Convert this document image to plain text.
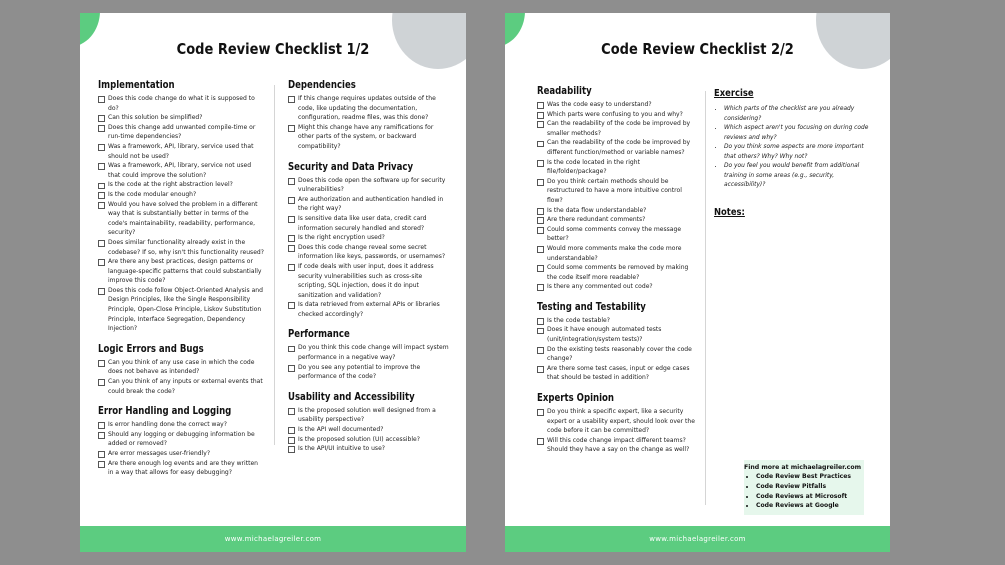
Code Review Checklist 1/2
Implementation
Does this code change do what it is supposed to do?
Can this solution be simplified?
Does this change add unwanted compile-time or run-time dependencies?
Was a framework, API, library, service used that should not be used?
Was a framework, API, library, service not used that could improve the solution?
Is the code at the right abstraction level?
Is the code modular enough?
Would you have solved the problem in a different way that is substantially better in terms of the code's maintainability, readability, performance, security?
Does similar functionality already exist in the codebase? If so, why isn't this functionality reused?
Are there any best practices, design patterns or language-specific patterns that could substantially improve this code?
Does this code follow Object-Oriented Analysis and Design Principles, like the Single Responsibility Principle, Open-Close Principle, Liskov Substitution Principle, Interface Segregation, Dependency Injection?
Logic Errors and Bugs
Can you think of any use case in which the code does not behave as intended?
Can you think of any inputs or external events that could break the code?
Error Handling and Logging
Is error handling done the correct way?
Should any logging or debugging information be added or removed?
Are error messages user-friendly?
Are there enough log events and are they written in a way that allows for easy debugging?
Dependencies
If this change requires updates outside of the code, like updating the documentation, configuration, readme files, was this done?
Might this change have any ramifications for other parts of the system, or backward compatibility?
Security and Data Privacy
Does this code open the software up for security vulnerabilities?
Are authorization and authentication handled in the right way?
Is sensitive data like user data, credit card information securely handled and stored?
Is the right encryption used?
Does this code change reveal some secret information like keys, passwords, or usernames?
If code deals with user input, does it address security vulnerabilities such as cross-site scripting, SQL injection, does it do input sanitization and validation?
Is data retrieved from external APIs or libraries checked accordingly?
Performance
Do you think this code change will impact system performance in a negative way?
Do you see any potential to improve the performance of the code?
Usability and Accessibility
Is the proposed solution well designed from a usability perspective?
Is the API well documented?
Is the proposed solution (UI) accessible?
Is the API/UI intuitive to use?
www.michaelagreiler.com
Code Review Checklist 2/2
Readability
Was the code easy to understand?
Which parts were confusing to you and why?
Can the readability of the code be improved by smaller methods?
Can the readability of the code be improved by different function/method or variable names?
Is the code located in the right file/folder/package?
Do you think certain methods should be restructured to have a more intuitive control flow?
Is the data flow understandable?
Are there redundant comments?
Could some comments convey the message better?
Would more comments make the code more understandable?
Could some comments be removed by making the code itself more readable?
Is there any commented out code?
Testing and Testability
Is the code testable?
Does it have enough automated tests (unit/integration/system tests)?
Do the existing tests reasonably cover the code change?
Are there some test cases, input or edge cases that should be tested in addition?
Experts Opinion
Do you think a specific expert, like a security expert or a usability expert, should look over the code before it can be committed?
Will this code change impact different teams? Should they have a say on the change as well?
Exercise
• Which parts of the checklist are you already considering?
• Which aspect aren't you focusing on during code reviews and why?
• Do you think some aspects are more important that others? Why? Why not?
• Do you feel you would benefit from additional training in some areas (e.g., security, accessibility)?
Notes:
Find more at michaelagreiler.com
• Code Review Best Practices
• Code Review Pitfalls
• Code Reviews at Microsoft
• Code Reviews at Google
www.michaelagreiler.com
